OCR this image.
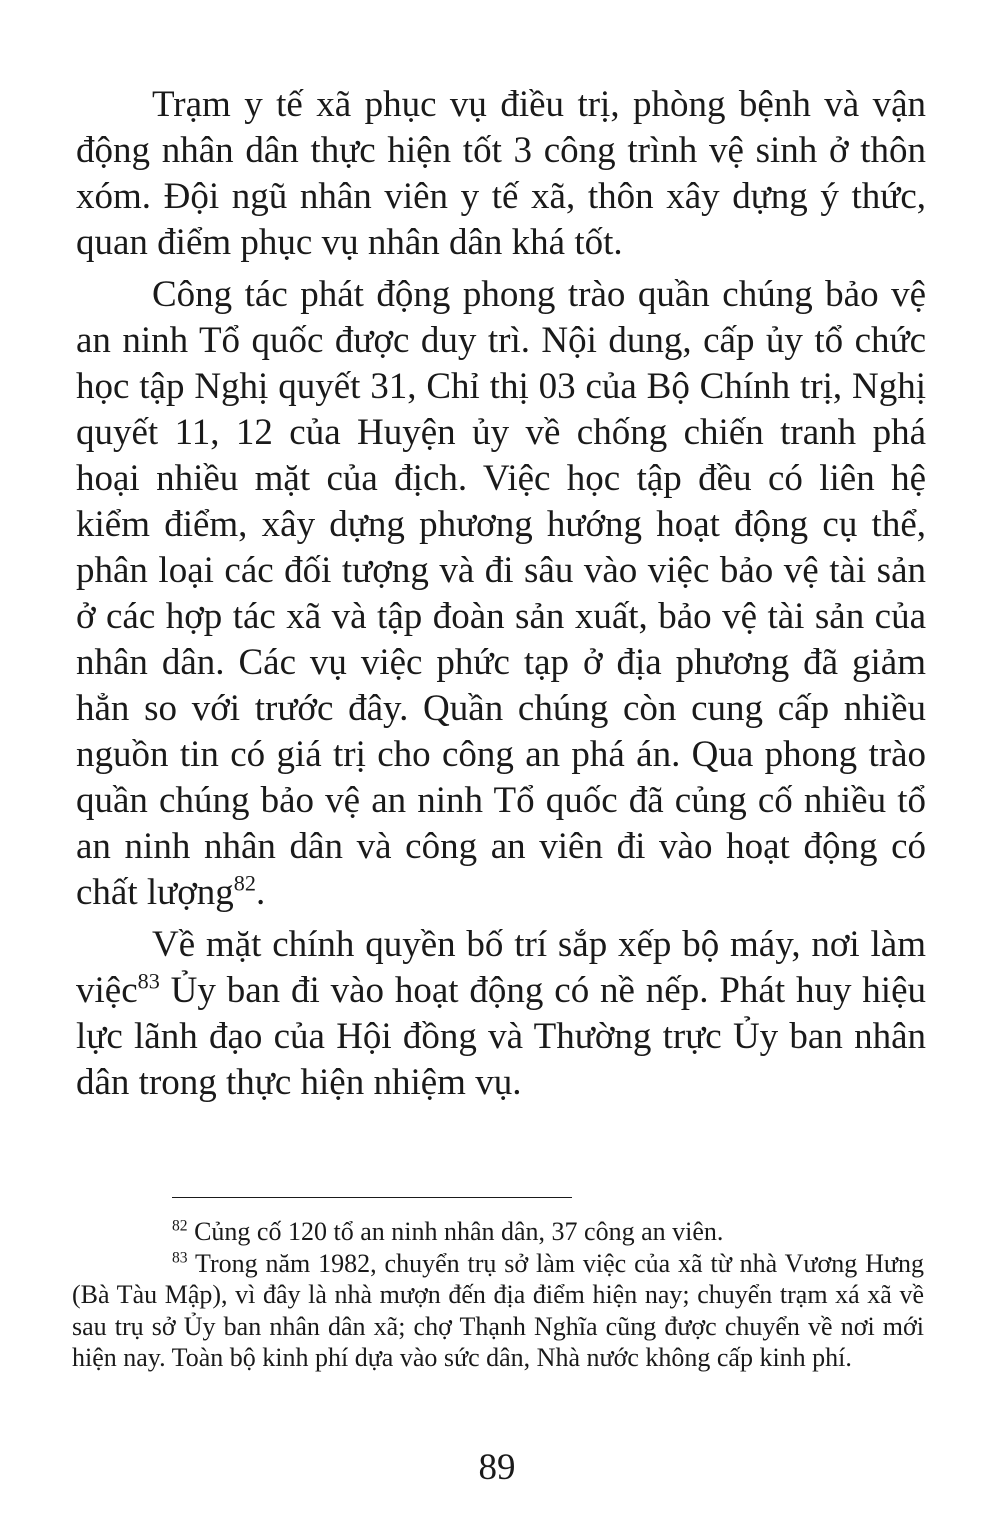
Trạm y tế xã phục vụ điều trị, phòng bệnh và vận động nhân dân thực hiện tốt 3 công trình vệ sinh ở thôn xóm. Đội ngũ nhân viên y tế xã, thôn xây dựng ý thức, quan điểm phục vụ nhân dân khá tốt.

Công tác phát động phong trào quần chúng bảo vệ an ninh Tổ quốc được duy trì. Nội dung, cấp ủy tổ chức học tập Nghị quyết 31, Chỉ thị 03 của Bộ Chính trị, Nghị quyết 11, 12 của Huyện ủy về chống chiến tranh phá hoại nhiều mặt của địch. Việc học tập đều có liên hệ kiểm điểm, xây dựng phương hướng hoạt động cụ thể, phân loại các đối tượng và đi sâu vào việc bảo vệ tài sản ở các hợp tác xã và tập đoàn sản xuất, bảo vệ tài sản của nhân dân. Các vụ việc phức tạp ở địa phương đã giảm hẳn so với trước đây. Quần chúng còn cung cấp nhiều nguồn tin có giá trị cho công an phá án. Qua phong trào quần chúng bảo vệ an ninh Tổ quốc đã củng cố nhiều tổ an ninh nhân dân và công an viên đi vào hoạt động có chất lượng$^{82}$.

Về mặt chính quyền bố trí sắp xếp bộ máy, nơi làm việc$^{83}$ Ủy ban đi vào hoạt động có nề nếp. Phát huy hiệu lực lãnh đạo của Hội đồng và Thường trực Ủy ban nhân dân trong thực hiện nhiệm vụ.

$^{82}$ Củng cố 120 tổ an ninh nhân dân, 37 công an viên.

$^{83}$ Trong năm 1982, chuyển trụ sở làm việc của xã từ nhà Vương Hưng (Bà Tàu Mập), vì đây là nhà mượn đến địa điểm hiện nay; chuyển trạm xá xã về sau trụ sở Ủy ban nhân dân xã; chợ Thạnh Nghĩa cũng được chuyển về nơi mới hiện nay. Toàn bộ kinh phí dựa vào sức dân, Nhà nước không cấp kinh phí.

89
